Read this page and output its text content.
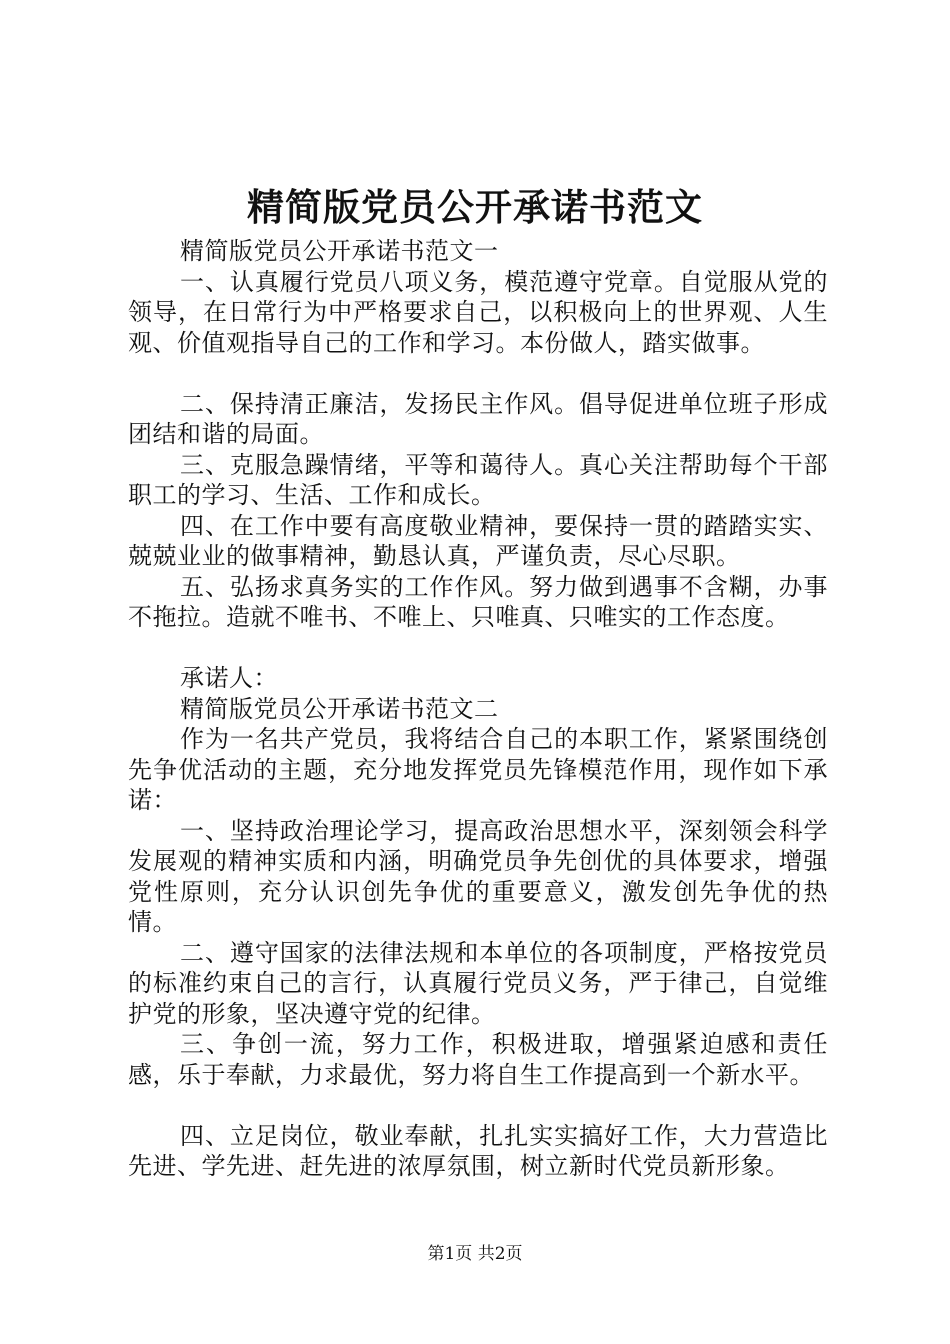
精简版党员公开承诺书范文

精简版党员公开承诺书范文一

一、认真履行党员八项义务，模范遵守党章。自觉服从党的领导，在日常行为中严格要求自己，以积极向上的世界观、人生观、价值观指导自己的工作和学习。本份做人，踏实做事。

二、保持清正廉洁，发扬民主作风。倡导促进单位班子形成团结和谐的局面。

三、克服急躁情绪，平等和蔼待人。真心关注帮助每个干部职工的学习、生活、工作和成长。

四、在工作中要有高度敬业精神，要保持一贯的踏踏实实、兢兢业业的做事精神，勤恳认真，严谨负责，尽心尽职。

五、弘扬求真务实的工作作风。努力做到遇事不含糊，办事不拖拉。造就不唯书、不唯上、只唯真、只唯实的工作态度。

承诺人：

精简版党员公开承诺书范文二

作为一名共产党员，我将结合自己的本职工作，紧紧围绕创先争优活动的主题，充分地发挥党员先锋模范作用，现作如下承诺：

一、坚持政治理论学习，提高政治思想水平，深刻领会科学发展观的精神实质和内涵，明确党员争先创优的具体要求，增强党性原则，充分认识创先争优的重要意义，激发创先争优的热情。

二、遵守国家的法律法规和本单位的各项制度，严格按党员的标准约束自己的言行，认真履行党员义务，严于律己，自觉维护党的形象，坚决遵守党的纪律。

三、争创一流，努力工作，积极进取，增强紧迫感和责任感，乐于奉献，力求最优，努力将自生工作提高到一个新水平。

四、立足岗位，敬业奉献，扎扎实实搞好工作，大力营造比先进、学先进、赶先进的浓厚氛围，树立新时代党员新形象。

第1页 共2页
